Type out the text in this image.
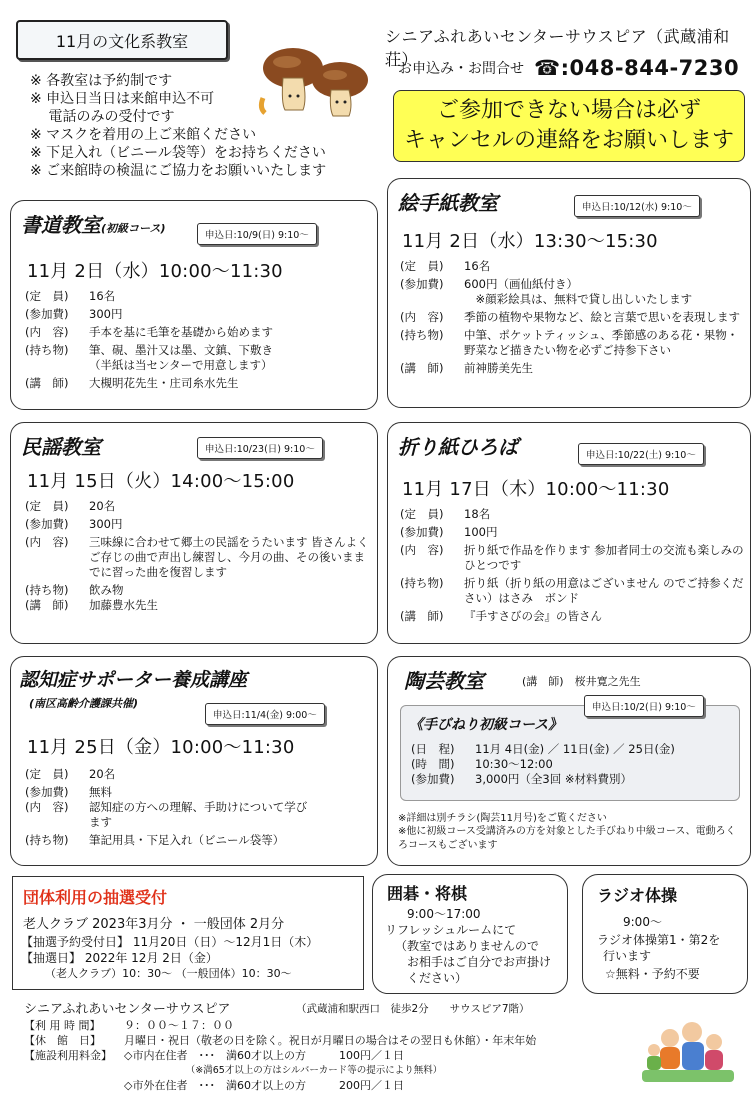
11月の文化系教室
※ 各教室は予約制です
※ 申込日当日は来館申込不可
　 電話のみの受付です
※ マスクを着用の上ご来館ください
※ 下足入れ（ビニール袋等）をお持ちください
※ ご来館時の検温にご協力をお願いいたします
シニアふれあいセンターサウスピア（武蔵浦和荘）
お申込み・お問合せ ☎:048-844-7230
ご参加できない場合は必ず
キャンセルの連絡をお願いします
書道教室(初級コース)
申込日:10/9(日) 9:10～
11月 2日（水）10:00～11:30
(定　員)	16名
(参加費)	300円
(内　容)	手本を基に毛筆を基礎から始めます
(持ち物)	筆、硯、墨汁又は墨、文鎮、下敷き
（半紙は当センターで用意します）
(講　師)	大槻明花先生・庄司糸水先生
絵手紙教室	申込日:10/12(水) 9:10～
11月 2日（水）13:30～15:30
(定　員)	16名
(参加費)	600円（画仙紙付き）
　※顔彩絵具は、無料で貸し出しいたします
(内　容)	季節の植物や果物など、絵と言葉で思いを表現します
(持ち物)	中筆、ポケットティッシュ、季節感のある花・果物・野菜など描きたい物を必ずご持参下さい
(講　師)	前神勝美先生
民謡教室	申込日:10/23(日) 9:10～
11月 15日（火）14:00～15:00
(定　員)	20名
(参加費)	300円
(内　容)	三味線に合わせて郷土の民謡をうたいます 皆さんよくご存じの曲で声出し練習し、今月の曲、その後いままでに習った曲を復習します
(持ち物)	飲み物
(講　師)	加藤豊水先生
折り紙ひろば	申込日:10/22(土) 9:10～
11月 17日（木）10:00～11:30
(定　員)	18名
(参加費)	100円
(内　容)	折り紙で作品を作ります 参加者同士の交流も楽しみのひとつです
(持ち物)	折り紙（折り紙の用意はございません のでご持参ください）はさみ　ボンド
(講　師)	『手すさびの会』の皆さん
認知症サポーター養成講座
(南区高齢介護課共催)
申込日:11/4(金) 9:00～
11月 25日（金）10:00～11:30
(定　員)	20名
(参加費)	無料
(内　容)	認知症の方への理解、手助けについて学びます
(持ち物)	筆記用具・下足入れ（ビニール袋等）
陶芸教室	(講　師)　 桜井寛之先生
《手びねり初級コース》
(日　程)	11月 4日(金) ／ 11日(金) ／ 25日(金)
(時　間)	10:30～12:00
(参加費)	3,000円（全3回 ※材料費別）
申込日:10/2(日) 9:10～
※詳細は別チラシ(陶芸11月号)をご覧ください
※他に初級コース受講済みの方を対象とした手びねり中級コース、電動ろくろコースもございます
団体利用の抽選受付
老人クラブ 2023年3月分 ・ 一般団体 2月分
【抽選予約受付日】 11月20日（日）～12月1日（木）
【抽選日】 2022年 12月 2日（金）
（老人クラブ）10：30～ （一般団体）10：30～
囲碁・将棋
9:00～17:00
リフレッシュルームにて
（教室ではありませんので
お相手はご自分でお声掛け
ください）
ラジオ体操
9:00～
ラジオ体操第1・第2を
行います
☆無料・予約不要
シニアふれあいセンターサウスピア	（武蔵浦和駅西口　徒歩2分　　サウスピア7階）
【利 用 時 間】	９：００～１７：００
【休　館　日】	月曜日・祝日（敬老の日を除く。祝日が月曜日の場合はその翌日も休館）・年末年始
【施設利用料金】	◇市内在住者　･･･　満60才以上の方　　　100円／１日
　　　　　　　（※満65才以上の方はシルバーカード等の提示により無料）
◇市外在住者　･･･　満60才以上の方　　　200円／１日
